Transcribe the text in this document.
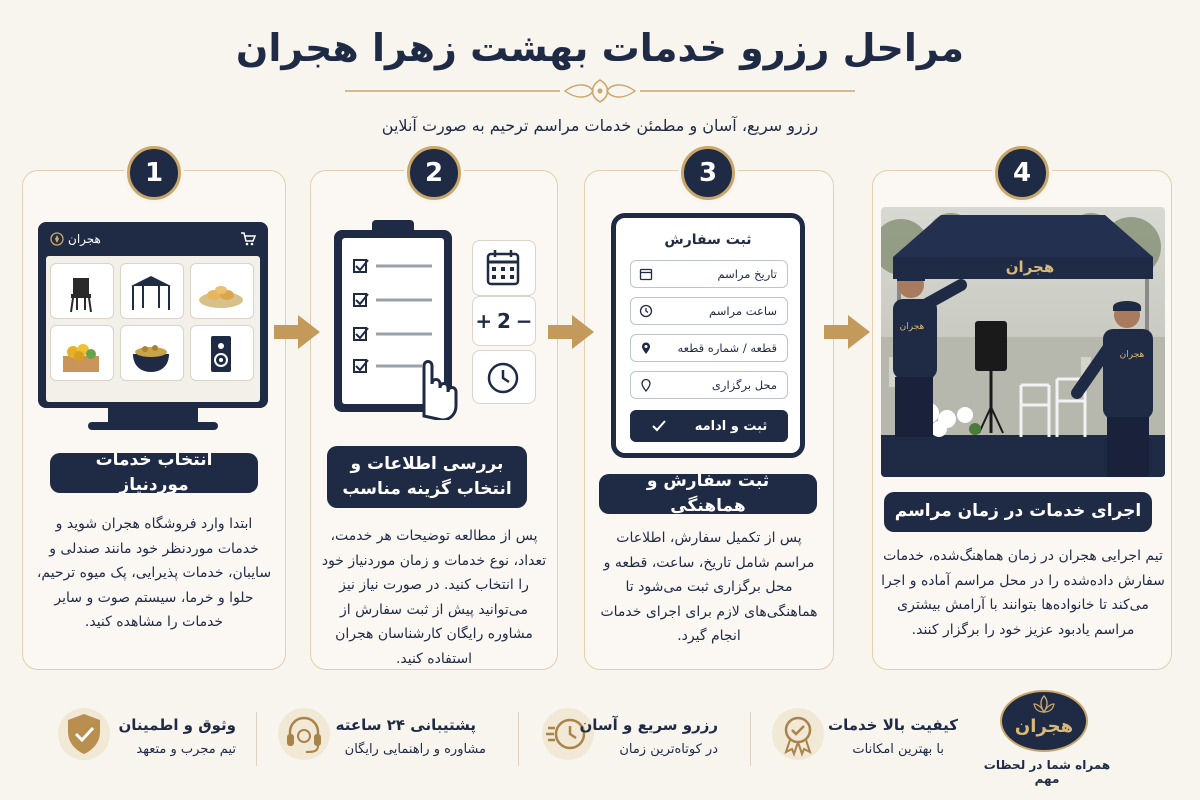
مراحل رزرو خدمات بهشت زهرا هجران
رزرو سریع، آسان و مطمئن خدمات مراسم ترحیم به صورت آنلاین
1	2	3	4
هجران
انتخاب خدمات موردنیاز
ابتدا وارد فروشگاه هجران شوید و خدمات موردنظر خود مانند صندلی و سایبان، خدمات پذیرایی، پک میوه ترحیم، حلوا و خرما، سیستم صوت و سایر خدمات را مشاهده کنید.
+ 2 −
بررسی اطلاعات و انتخاب گزینه مناسب
پس از مطالعه توضیحات هر خدمت، تعداد، نوع خدمات و زمان موردنیاز خود را انتخاب کنید. در صورت نیاز نیز می‌توانید پیش از ثبت سفارش از مشاوره رایگان کارشناسان هجران استفاده کنید.
ثبت سفارش
تاریخ مراسم
ساعت مراسم
قطعه / شماره قطعه
محل برگزاری
ثبت و ادامه
ثبت سفارش و هماهنگی
پس از تکمیل سفارش، اطلاعات مراسم شامل تاریخ، ساعت، قطعه و محل برگزاری ثبت می‌شود تا هماهنگی‌های لازم برای اجرای خدمات انجام گیرد.
هجران
هجران
هجران
اجرای خدمات در زمان مراسم
تیم اجرایی هجران در زمان هماهنگ‌شده، خدمات سفارش داده‌شده را در محل مراسم آماده و اجرا می‌کند تا خانواده‌ها بتوانند با آرامش بیشتری مراسم یادبود عزیز خود را برگزار کنند.
هجران
همراه شما در لحظات مهم
کیفیت بالا خدمات
با بهترین امکانات
رزرو سریع و آسان
در کوتاه‌ترین زمان
پشتیبانی ۲۴ ساعته
مشاوره و راهنمایی رایگان
وثوق و اطمینان
تیم مجرب و متعهد
